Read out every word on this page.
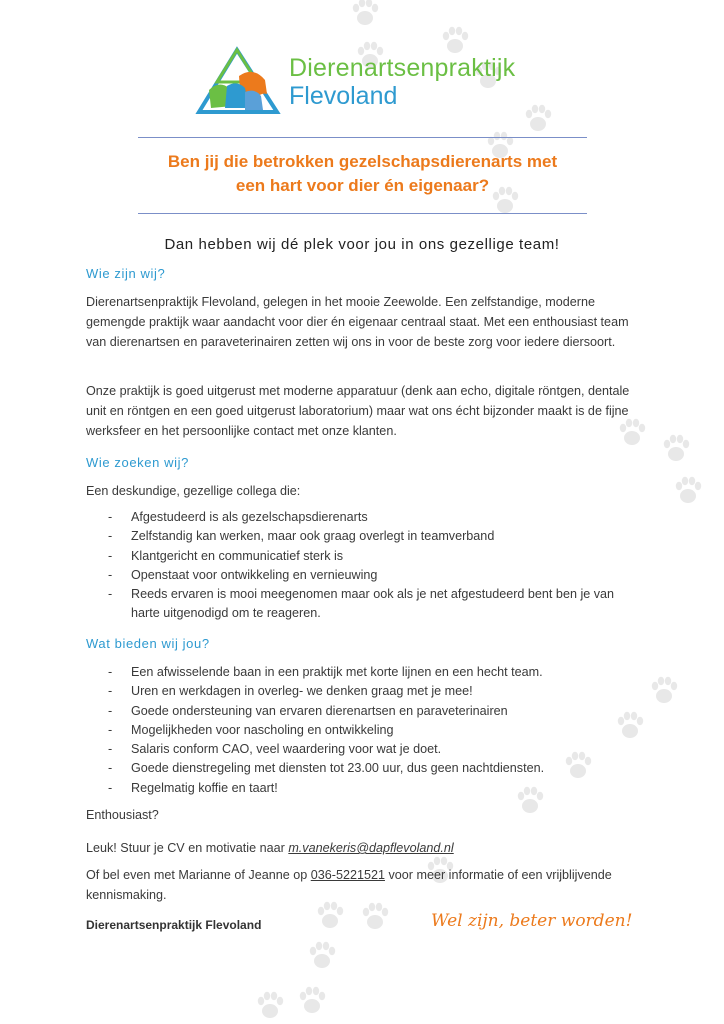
Dierenartsenpraktijk
Flevoland
Ben jij die betrokken gezelschapsdierenarts met
een hart voor dier én eigenaar?
Dan hebben wij dé plek voor jou in ons gezellige team!
Wie zijn wij?
Dierenartsenpraktijk Flevoland, gelegen in het mooie Zeewolde. Een zelfstandige, moderne gemengde praktijk waar aandacht voor dier én eigenaar centraal staat. Met een enthousiast team van dierenartsen en paraveterinairen zetten wij ons in voor de beste zorg voor iedere diersoort.
Onze praktijk is goed uitgerust met moderne apparatuur (denk aan echo, digitale röntgen, dentale unit en röntgen en een goed uitgerust laboratorium) maar wat ons écht bijzonder maakt is de fijne werksfeer en het persoonlijke contact met onze klanten.
Wie zoeken wij?
Een deskundige, gezellige collega die:
- Afgestudeerd is als gezelschapsdierenarts
- Zelfstandig kan werken, maar ook graag overlegt in teamverband
- Klantgericht en communicatief sterk is
- Openstaat voor ontwikkeling en vernieuwing
- Reeds ervaren is mooi meegenomen maar ook als je net afgestudeerd bent ben je van harte uitgenodigd om te reageren.
Wat bieden wij jou?
- Een afwisselende baan in een praktijk met korte lijnen en een hecht team.
- Uren en werkdagen in overleg- we denken graag met je mee!
- Goede ondersteuning van ervaren dierenartsen en paraveterinairen
- Mogelijkheden voor nascholing en ontwikkeling
- Salaris conform CAO, veel waardering voor wat je doet.
- Goede dienstregeling met diensten tot 23.00 uur, dus geen nachtdiensten.
- Regelmatig koffie en taart!
Enthousiast?
Leuk! Stuur je CV en motivatie naar m.vanekeris@dapflevoland.nl
Of bel even met Marianne of Jeanne op 036-5221521 voor meer informatie of een vrijblijvende kennismaking.
Dierenartsenpraktijk Flevoland	Wel zijn, beter worden!
